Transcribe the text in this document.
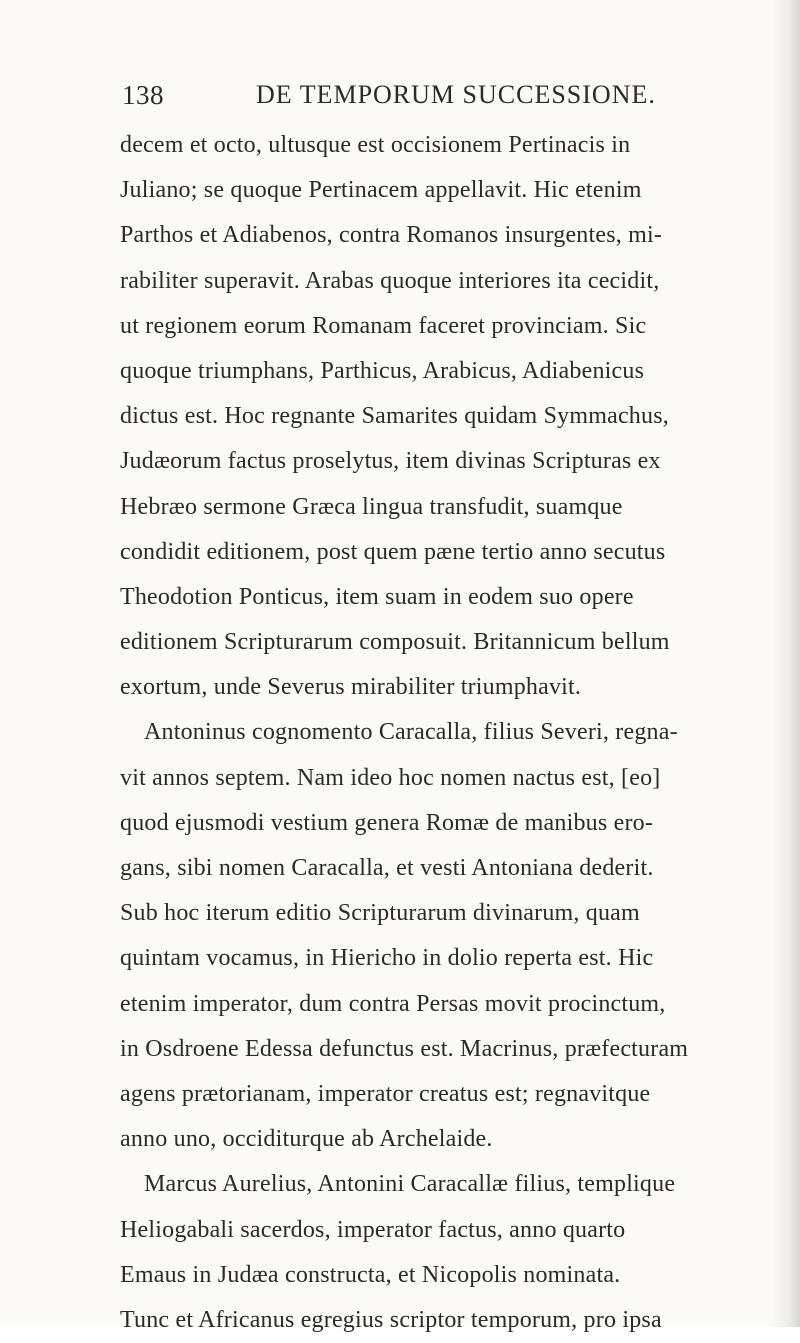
138	DE TEMPORUM SUCCESSIONE.
decem et octo, ultusque est occisionem Pertinacis in
Juliano; se quoque Pertinacem appellavit. Hic etenim
Parthos et Adiabenos, contra Romanos insurgentes, mi-
rabiliter superavit. Arabas quoque interiores ita cecidit,
ut regionem eorum Romanam faceret provinciam. Sic
quoque triumphans, Parthicus, Arabicus, Adiabenicus
dictus est. Hoc regnante Samarites quidam Symmachus,
Judæorum factus proselytus, item divinas Scripturas ex
Hebræo sermone Græca lingua transfudit, suamque
condidit editionem, post quem pæne tertio anno secutus
Theodotion Ponticus, item suam in eodem suo opere
editionem Scripturarum composuit. Britannicum bellum
exortum, unde Severus mirabiliter triumphavit.
Antoninus cognomento Caracalla, filius Severi, regna-
vit annos septem. Nam ideo hoc nomen nactus est, [eo]
quod ejusmodi vestium genera Romæ de manibus ero-
gans, sibi nomen Caracalla, et vesti Antoniana dederit.
Sub hoc iterum editio Scripturarum divinarum, quam
quintam vocamus, in Hiericho in dolio reperta est. Hic
etenim imperator, dum contra Persas movit procinctum,
in Osdroene Edessa defunctus est. Macrinus, præfecturam
agens prætorianam, imperator creatus est; regnavitque
anno uno, occiditurque ab Archelaide.
Marcus Aurelius, Antonini Caracallæ filius, templique
Heliogabali sacerdos, imperator factus, anno quarto
Emaus in Judæa constructa, et Nicopolis nominata.
Tunc et Africanus egregius scriptor temporum, pro ipsa
